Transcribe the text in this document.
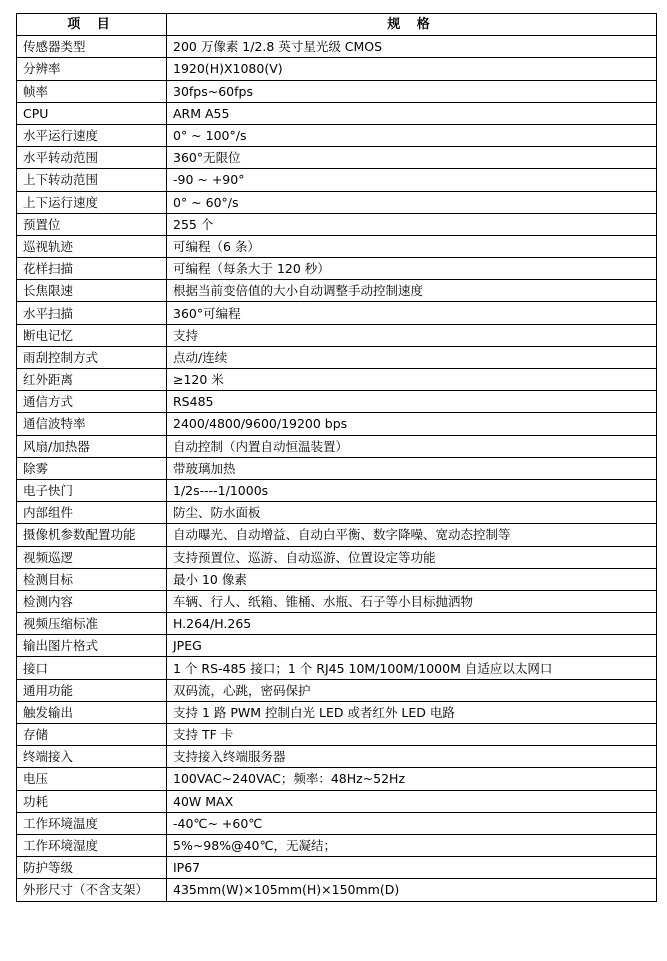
项 目	规 格
传感器类型	200 万像素 1/2.8 英寸星光级 CMOS
分辨率	1920(H)X1080(V)
帧率	30fps~60fps
CPU	ARM A55
水平运行速度	0° ~ 100°/s
水平转动范围	360°无限位
上下转动范围	-90 ~ +90°
上下运行速度	0° ~ 60°/s
预置位	255 个
巡视轨迹	可编程（6 条）
花样扫描	可编程（每条大于 120 秒）
长焦限速	根据当前变倍值的大小自动调整手动控制速度
水平扫描	360°可编程
断电记忆	支持
雨刮控制方式	点动/连续
红外距离	≥120 米
通信方式	RS485
通信波特率	2400/4800/9600/19200 bps
风扇/加热器	自动控制（内置自动恒温装置）
除雾	带玻璃加热
电子快门	1/2s----1/1000s
内部组件	防尘、防水面板
摄像机参数配置功能	自动曝光、自动增益、自动白平衡、数字降噪、宽动态控制等
视频巡逻	支持预置位、巡游、自动巡游、位置设定等功能
检测目标	最小 10 像素
检测内容	车辆、行人、纸箱、锥桶、水瓶、石子等小目标抛洒物
视频压缩标准	H.264/H.265
输出图片格式	JPEG
接口	1 个 RS-485 接口；1 个 RJ45 10M/100M/1000M 自适应以太网口
通用功能	双码流，心跳，密码保护
触发输出	支持 1 路 PWM 控制白光 LED 或者红外 LED 电路
存储	支持 TF 卡
终端接入	支持接入终端服务器
电压	100VAC~240VAC；频率：48Hz~52Hz
功耗	40W MAX
工作环境温度	-40℃~ +60℃
工作环境湿度	5%~98%@40℃，无凝结；
防护等级	IP67
外形尺寸（不含支架）	435mm(W)×105mm(H)×150mm(D)
